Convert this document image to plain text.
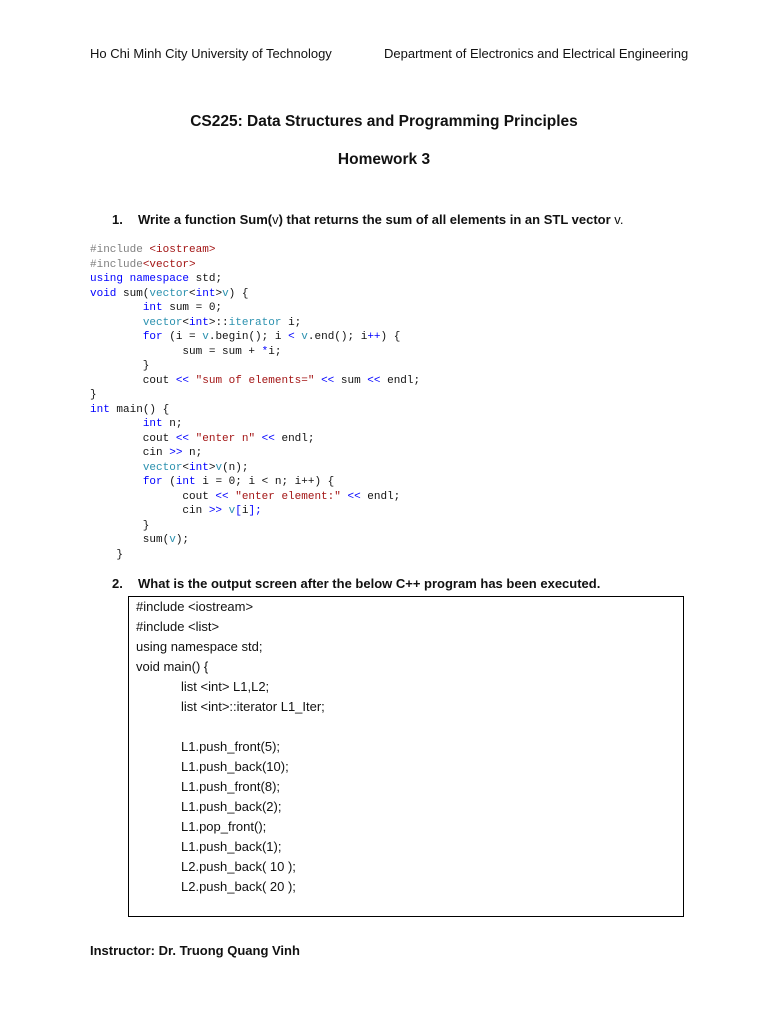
Ho Chi Minh City University of Technology	Department of Electronics and Electrical Engineering
CS225: Data Structures and Programming Principles
Homework 3
1. Write a function Sum(v) that returns the sum of all elements in an STL vector v.
#include <iostream>
#include<vector>
using namespace std;
void sum(vector<int>v) {
int sum = 0;
vector<int>::iterator i;
for (i = v.begin(); i < v.end(); i++) {
sum = sum + *i;
}
cout << "sum of elements=" << sum << endl;
}
int main() {
int n;
cout << "enter n" << endl;
cin >> n;
vector<int>v(n);
for (int i = 0; i < n; i++) {
cout << "enter element:" << endl;
cin >> v[i];
}
sum(v);
}
2. What is the output screen after the below C++ program has been executed.
#include <iostream>
#include <list>
using namespace std;
void main() {
list <int> L1,L2;
list <int>::iterator L1_Iter;
L1.push_front(5);
L1.push_back(10);
L1.push_front(8);
L1.push_back(2);
L1.pop_front();
L1.push_back(1);
L2.push_back( 10 );
L2.push_back( 20 );
Instructor: Dr. Truong Quang Vinh
